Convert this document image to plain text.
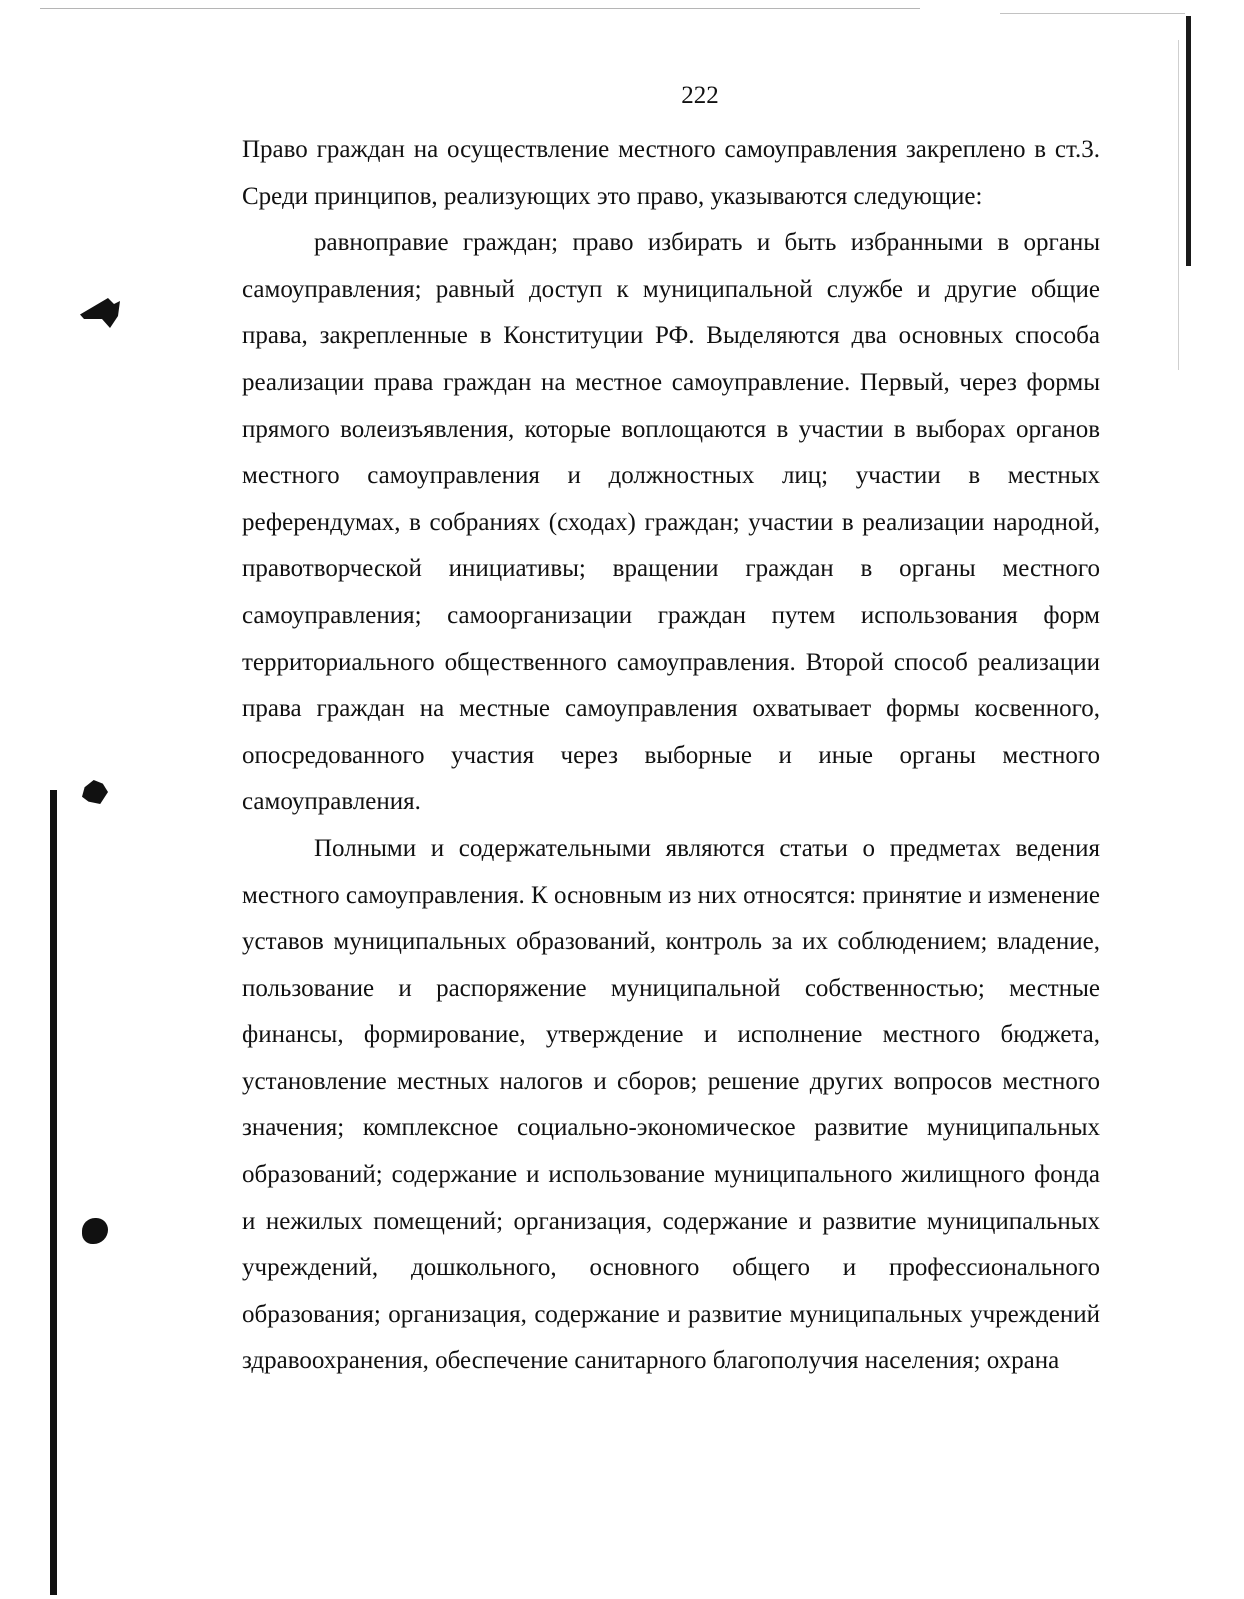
222

Право граждан на осуществление местного самоуправления закреплено в ст.3. Среди принципов, реализующих это право, указываются следующие:

равноправие граждан; право избирать и быть избранными в органы самоуправления; равный доступ к муниципальной службе и другие общие права, закрепленные в Конституции РФ. Выделяются два основных способа реализации права граждан на местное самоуправление. Первый, через формы прямого волеизъявления, которые воплощаются в участии в выборах органов местного самоуправления и должностных лиц; участии в местных референдумах, в собраниях (сходах) граждан; участии в реализации народной, правотворческой инициативы; вращении граждан в органы местного самоуправления; самоорганизации граждан путем использования форм территориального общественного самоуправления. Второй способ реализации права граждан на местные самоуправления охватывает формы косвенного, опосредованного участия через выборные и иные органы местного самоуправления.

Полными и содержательными являются статьи о предметах ведения местного самоуправления. К основным из них относятся: принятие и изменение уставов муниципальных образований, контроль за их соблюдением; владение, пользование и распоряжение муниципальной собственностью; местные финансы, формирование, утверждение и исполнение местного бюджета, установление местных налогов и сборов; решение других вопросов местного значения; комплексное социально-экономическое развитие муниципальных образований; содержание и использование муниципального жилищного фонда и нежилых помещений; организация, содержание и развитие муниципальных учреждений, дошкольного, основного общего и профессионального образования; организация, содержание и развитие муниципальных учреждений здравоохранения, обеспечение санитарного благополучия населения; охрана
